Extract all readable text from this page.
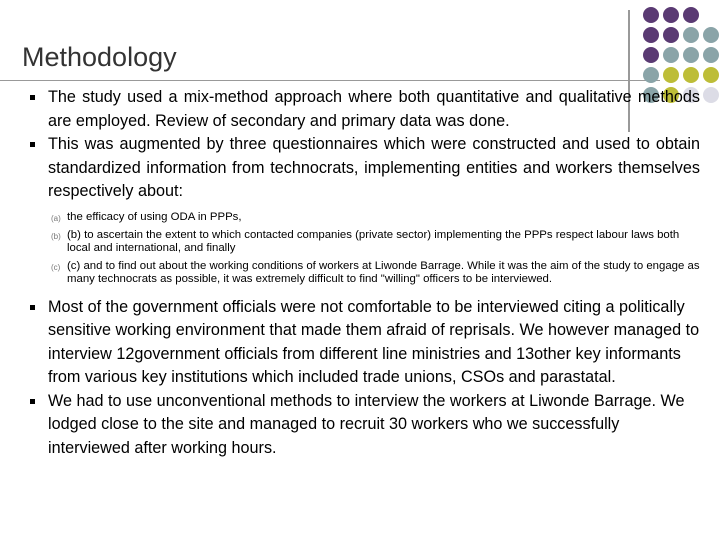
Methodology
The study used a mix-method approach where both quantitative and qualitative methods are employed. Review of secondary and primary data was done.
This was augmented by three questionnaires which were constructed and used to obtain standardized information from technocrats, implementing entities and workers themselves respectively about:
(a) the efficacy of using ODA in PPPs,
(b) (b) to ascertain the extent to which contacted companies (private sector) implementing the PPPs respect labour laws both local and international, and finally
(c) (c) and to find out about the working conditions of workers at Liwonde Barrage. While it was the aim of the study to engage as many technocrats as possible, it was extremely difficult to find "willing" officers to be interviewed.
Most of the government officials were not comfortable to be interviewed citing a politically sensitive working environment that made them afraid of reprisals. We however managed to interview 12government officials from different line ministries and 13other key informants from various key institutions which included trade unions, CSOs and parastatal.
We had to use unconventional methods to interview the workers at Liwonde Barrage. We lodged close to the site and managed to recruit 30 workers who we successfully interviewed after working hours.
